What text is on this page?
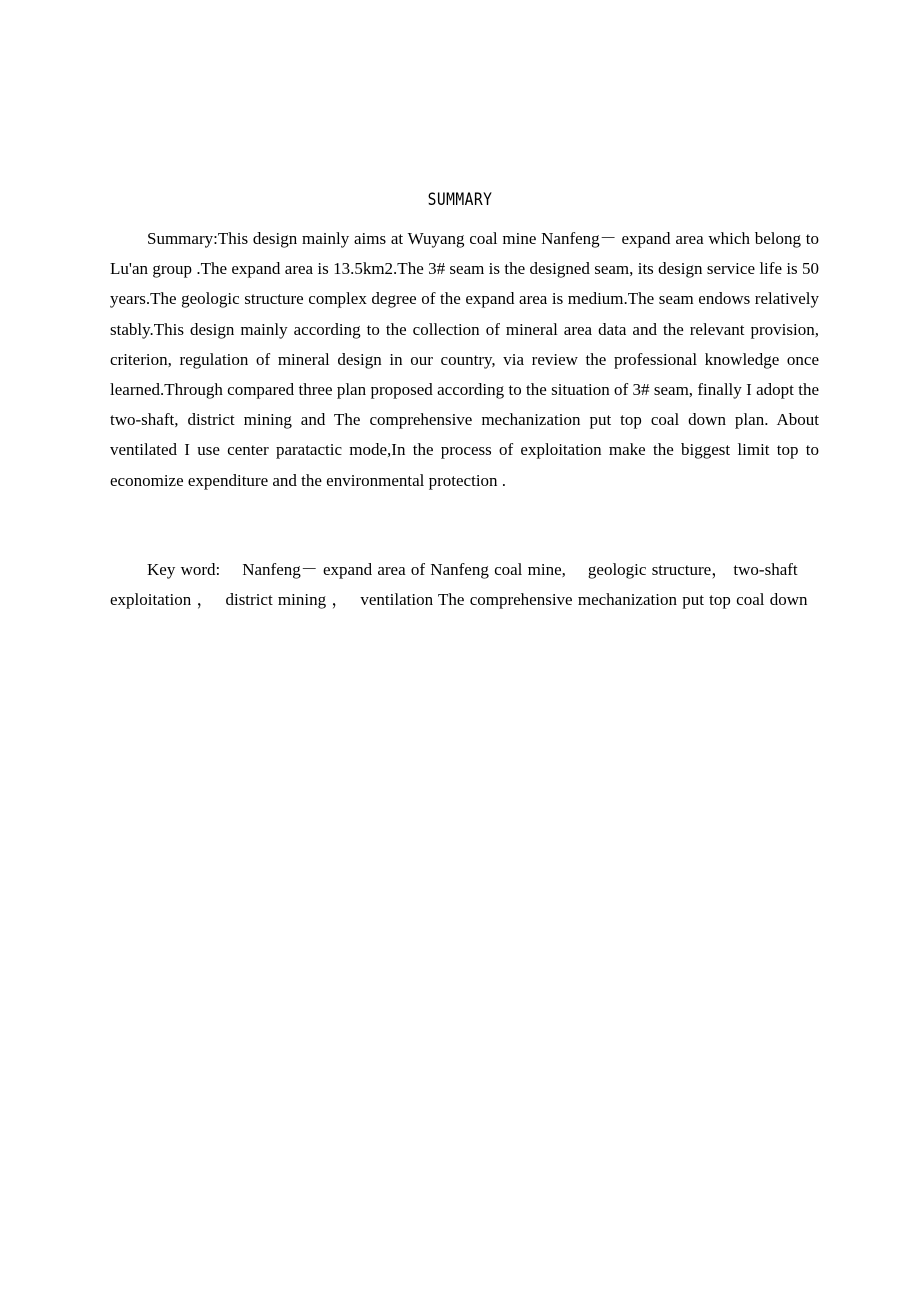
SUMMARY

Summary:This design mainly aims at Wuyang coal mine Nanfeng－ expand area which belong to Lu'an group .The expand area is 13.5km2.The 3# seam is the designed seam, its design service life is 50 years.The geologic structure complex degree of the expand area is medium.The seam endows relatively stably.This design mainly according to the collection of mineral area data and the relevant provision, criterion, regulation of mineral design in our country, via review the professional knowledge once learned.Through compared three plan proposed according to the situation of 3# seam, finally I adopt the two-shaft, district mining and The comprehensive mechanization put top coal down plan. About ventilated I use center paratactic mode,In the process of exploitation make the biggest limit top to economize expenditure and the environmental protection .

Key word: Nanfeng－ expand area of Nanfeng coal mine, geologic structure， two-shaft exploitation ， district mining ， ventilation The comprehensive mechanization put top coal down
